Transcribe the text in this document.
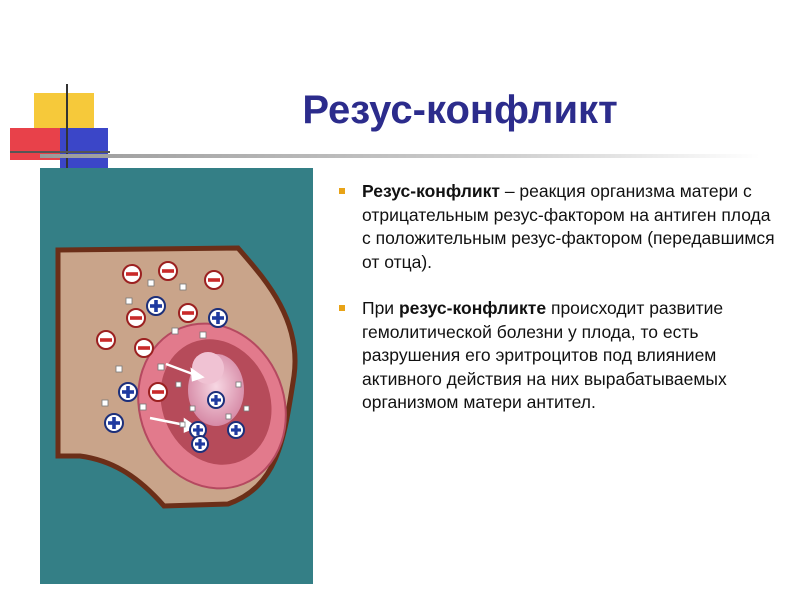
Резус-конфликт
Резус-конфликт – реакция организма матери с отрицательным резус-фактором на антиген плода с положительным резус-фактором (передавшимся от отца).
При резус-конфликте происходит развитие гемолитической болезни у плода, то есть разрушения его эритроцитов под влиянием активного действия на них вырабатываемых организмом матери антител.
